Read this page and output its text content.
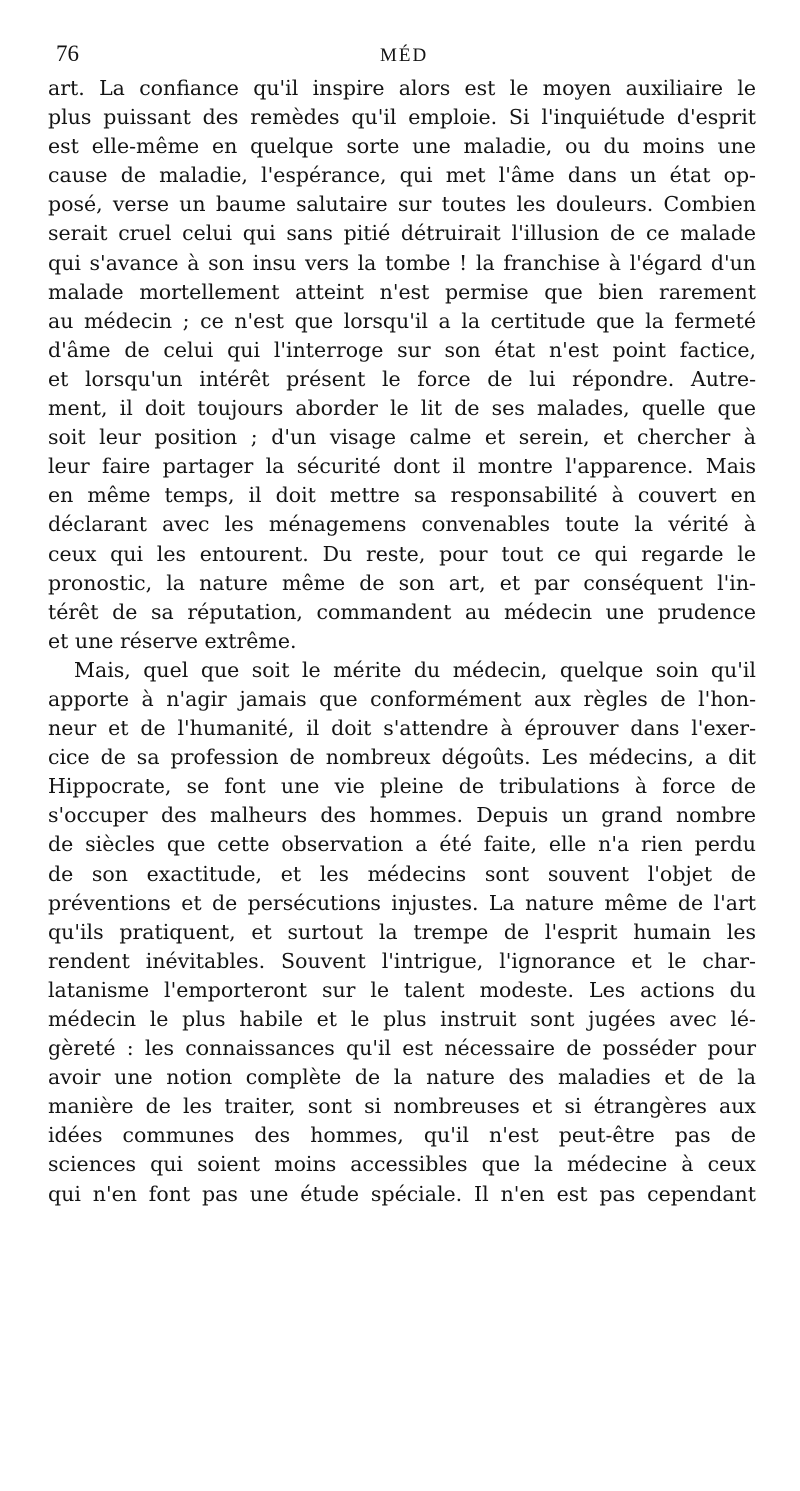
76	MÉD
art. La confiance qu'il inspire alors est le moyen auxiliaire le
plus puissant des remèdes qu'il emploie. Si l'inquiétude d'esprit
est elle-même en quelque sorte une maladie, ou du moins une
cause de maladie, l'espérance, qui met l'âme dans un état op-
posé, verse un baume salutaire sur toutes les douleurs. Combien
serait cruel celui qui sans pitié détruirait l'illusion de ce malade
qui s'avance à son insu vers la tombe ! la franchise à l'égard d'un
malade mortellement atteint n'est permise que bien rarement
au médecin ; ce n'est que lorsqu'il a la certitude que la fermeté
d'âme de celui qui l'interroge sur son état n'est point factice,
et lorsqu'un intérêt présent le force de lui répondre. Autre-
ment, il doit toujours aborder le lit de ses malades, quelle que
soit leur position ; d'un visage calme et serein, et chercher à
leur faire partager la sécurité dont il montre l'apparence. Mais
en même temps, il doit mettre sa responsabilité à couvert en
déclarant avec les ménagemens convenables toute la vérité à
ceux qui les entourent. Du reste, pour tout ce qui regarde le
pronostic, la nature même de son art, et par conséquent l'in-
térêt de sa réputation, commandent au médecin une prudence
et une réserve extrême.
Mais, quel que soit le mérite du médecin, quelque soin qu'il
apporte à n'agir jamais que conformément aux règles de l'hon-
neur et de l'humanité, il doit s'attendre à éprouver dans l'exer-
cice de sa profession de nombreux dégoûts. Les médecins, a dit
Hippocrate, se font une vie pleine de tribulations à force de
s'occuper des malheurs des hommes. Depuis un grand nombre
de siècles que cette observation a été faite, elle n'a rien perdu
de son exactitude, et les médecins sont souvent l'objet de
préventions et de persécutions injustes. La nature même de l'art
qu'ils pratiquent, et surtout la trempe de l'esprit humain les
rendent inévitables. Souvent l'intrigue, l'ignorance et le char-
latanisme l'emporteront sur le talent modeste. Les actions du
médecin le plus habile et le plus instruit sont jugées avec lé-
gèreté : les connaissances qu'il est nécessaire de posséder pour
avoir une notion complète de la nature des maladies et de la
manière de les traiter, sont si nombreuses et si étrangères aux
idées communes des hommes, qu'il n'est peut-être pas de
sciences qui soient moins accessibles que la médecine à ceux
qui n'en font pas une étude spéciale. Il n'en est pas cependant
